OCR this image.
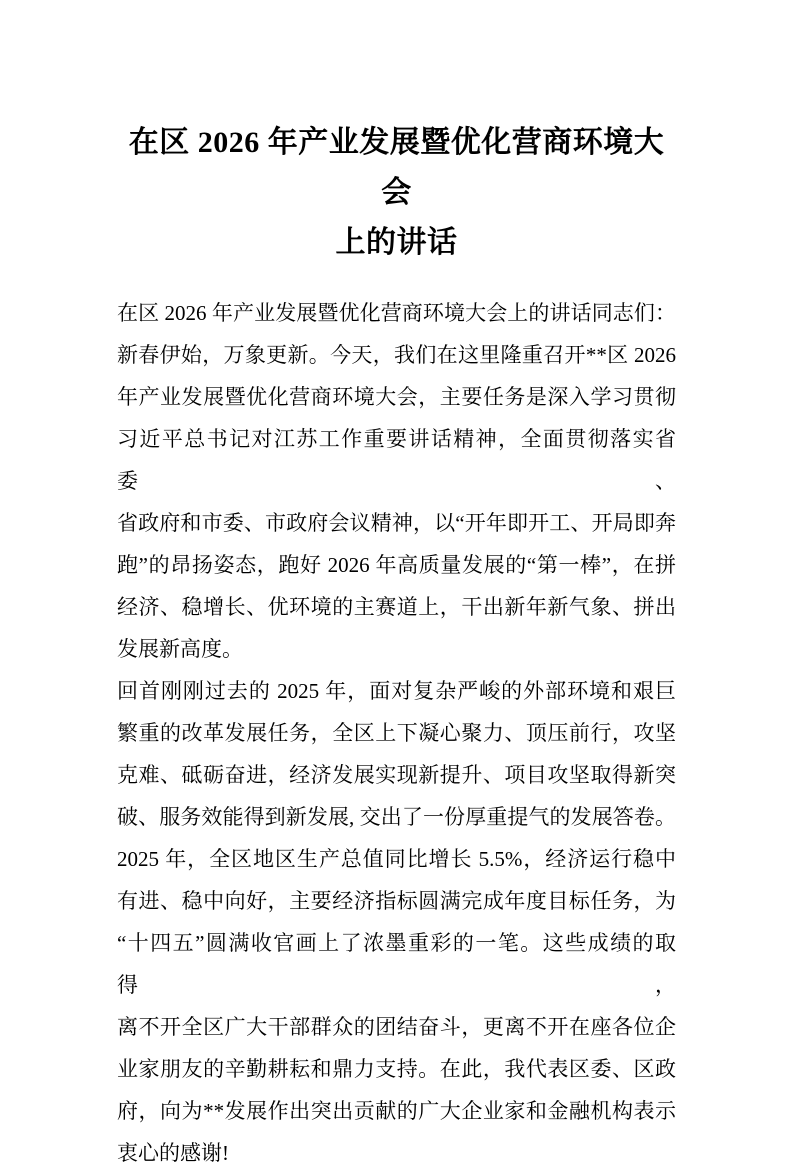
在区 2026 年产业发展暨优化营商环境大会
上的讲话
在区 2026 年产业发展暨优化营商环境大会上的讲话同志们：
新春伊始，万象更新。今天，我们在这里隆重召开**区 2026
年产业发展暨优化营商环境大会，主要任务是深入学习贯彻
习近平总书记对江苏工作重要讲话精神，全面贯彻落实省委、
省政府和市委、市政府会议精神，以“开年即开工、开局即奔
跑”的昂扬姿态，跑好 2026 年高质量发展的“第一棒”，在拼
经济、稳增长、优环境的主赛道上，干出新年新气象、拼出
发展新高度。
回首刚刚过去的 2025 年，面对复杂严峻的外部环境和艰巨
繁重的改革发展任务，全区上下凝心聚力、顶压前行，攻坚
克难、砥砺奋进，经济发展实现新提升、项目攻坚取得新突
破、服务效能得到新发展, 交出了一份厚重提气的发展答卷。
2025 年，全区地区生产总值同比增长 5.5%，经济运行稳中
有进、稳中向好，主要经济指标圆满完成年度目标任务，为
“十四五”圆满收官画上了浓墨重彩的一笔。这些成绩的取得，
离不开全区广大干部群众的团结奋斗，更离不开在座各位企
业家朋友的辛勤耕耘和鼎力支持。在此，我代表区委、区政
府，向为**发展作出突出贡献的广大企业家和金融机构表示
衷心的感谢!
